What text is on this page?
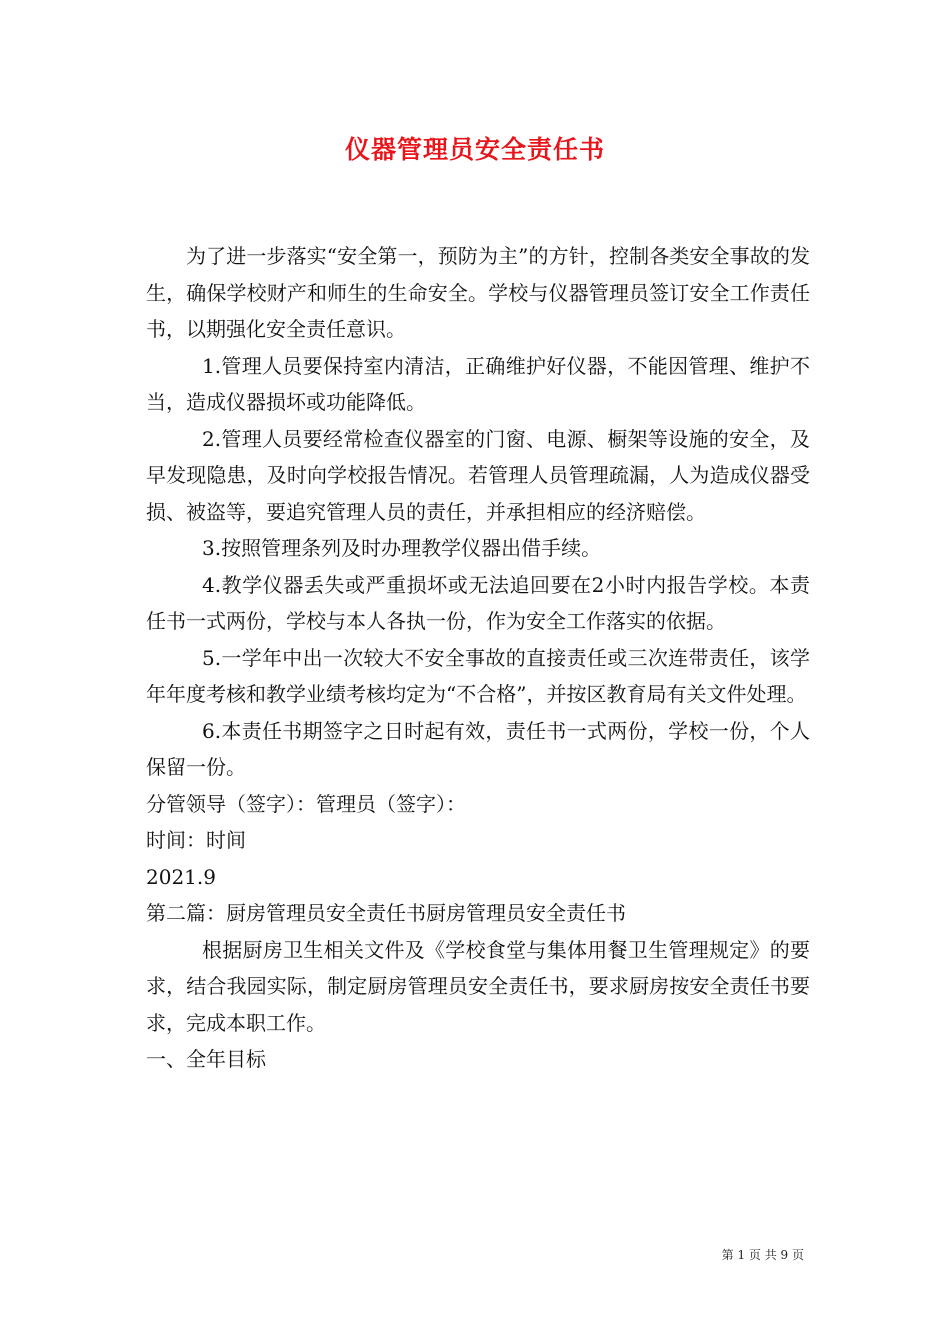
仪器管理员安全责任书

为了进一步落实“安全第一，预防为主”的方针，控制各类安全事故的发生，确保学校财产和师生的生命安全。学校与仪器管理员签订安全工作责任书，以期强化安全责任意识。

1.管理人员要保持室内清洁，正确维护好仪器，不能因管理、维护不当，造成仪器损坏或功能降低。

2.管理人员要经常检查仪器室的门窗、电源、橱架等设施的安全，及早发现隐患，及时向学校报告情况。若管理人员管理疏漏，人为造成仪器受损、被盗等，要追究管理人员的责任，并承担相应的经济赔偿。

3.按照管理条列及时办理教学仪器出借手续。

4.教学仪器丢失或严重损坏或无法追回要在2小时内报告学校。本责任书一式两份，学校与本人各执一份，作为安全工作落实的依据。

5.一学年中出一次较大不安全事故的直接责任或三次连带责任，该学年年度考核和教学业绩考核均定为“不合格”，并按区教育局有关文件处理。

6.本责任书期签字之日时起有效，责任书一式两份，学校一份，个人保留一份。

分管领导（签字）：管理员（签字）：

时间：时间

2021.9

第二篇：厨房管理员安全责任书厨房管理员安全责任书

根据厨房卫生相关文件及《学校食堂与集体用餐卫生管理规定》的要求，结合我园实际，制定厨房管理员安全责任书，要求厨房按安全责任书要求，完成本职工作。

一、全年目标

第 1 页 共 9 页
